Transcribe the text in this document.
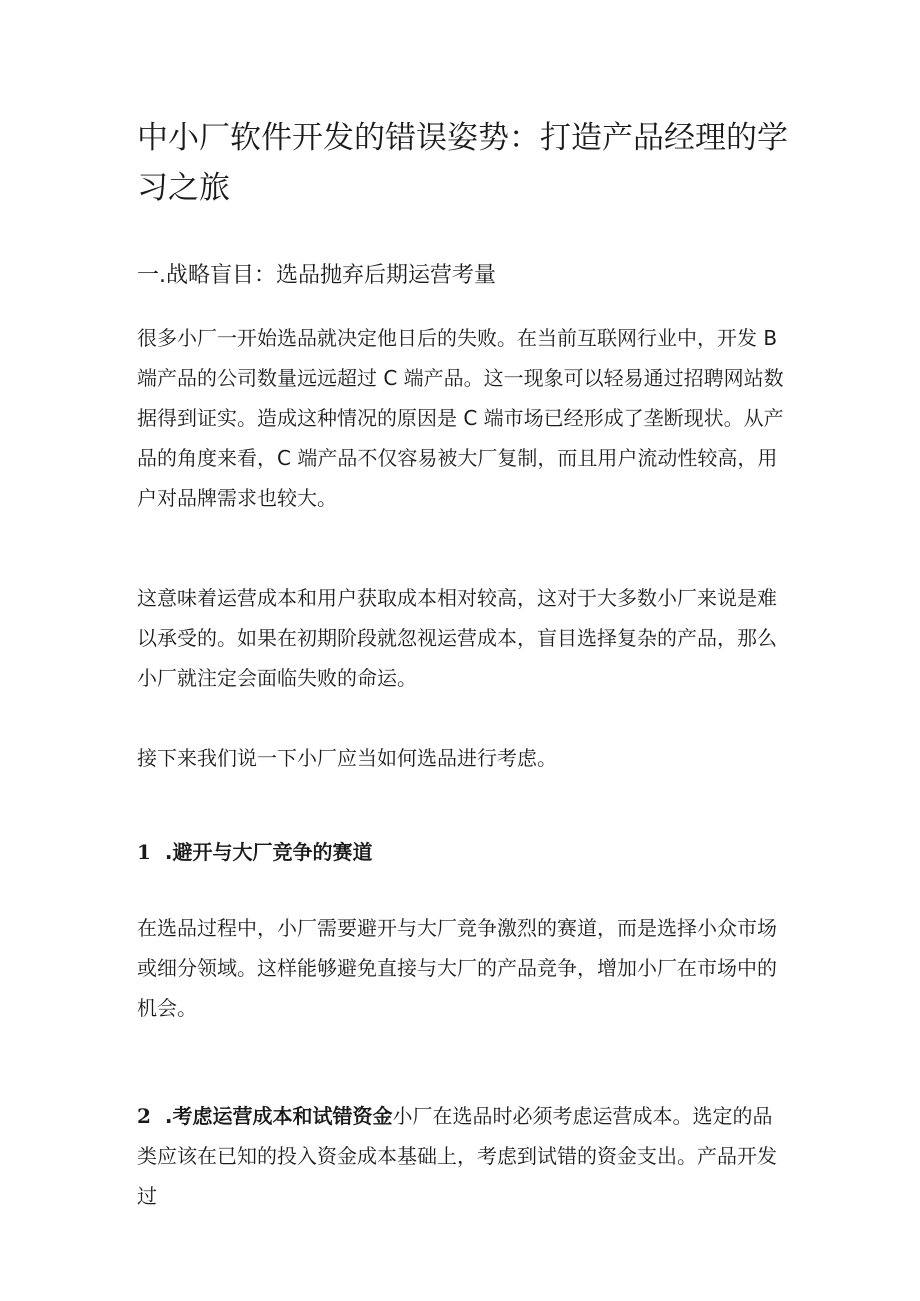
中小厂软件开发的错误姿势：打造产品经理的学习之旅
一.战略盲目：选品抛弃后期运营考量

很多小厂一开始选品就决定他日后的失败。在当前互联网行业中，开发 B 端产品的公司数量远远超过 C 端产品。这一现象可以轻易通过招聘网站数据得到证实。造成这种情况的原因是 C 端市场已经形成了垄断现状。从产品的角度来看，C 端产品不仅容易被大厂复制，而且用户流动性较高，用户对品牌需求也较大。

这意味着运营成本和用户获取成本相对较高，这对于大多数小厂来说是难以承受的。如果在初期阶段就忽视运营成本，盲目选择复杂的产品，那么小厂就注定会面临失败的命运。

接下来我们说一下小厂应当如何选品进行考虑。

1 .避开与大厂竞争的赛道

在选品过程中，小厂需要避开与大厂竞争激烈的赛道，而是选择小众市场或细分领域。这样能够避免直接与大厂的产品竞争，增加小厂在市场中的机会。

2 .考虑运营成本和试错资金小厂在选品时必须考虑运营成本。选定的品类应该在已知的投入资金成本基础上，考虑到试错的资金支出。产品开发过
